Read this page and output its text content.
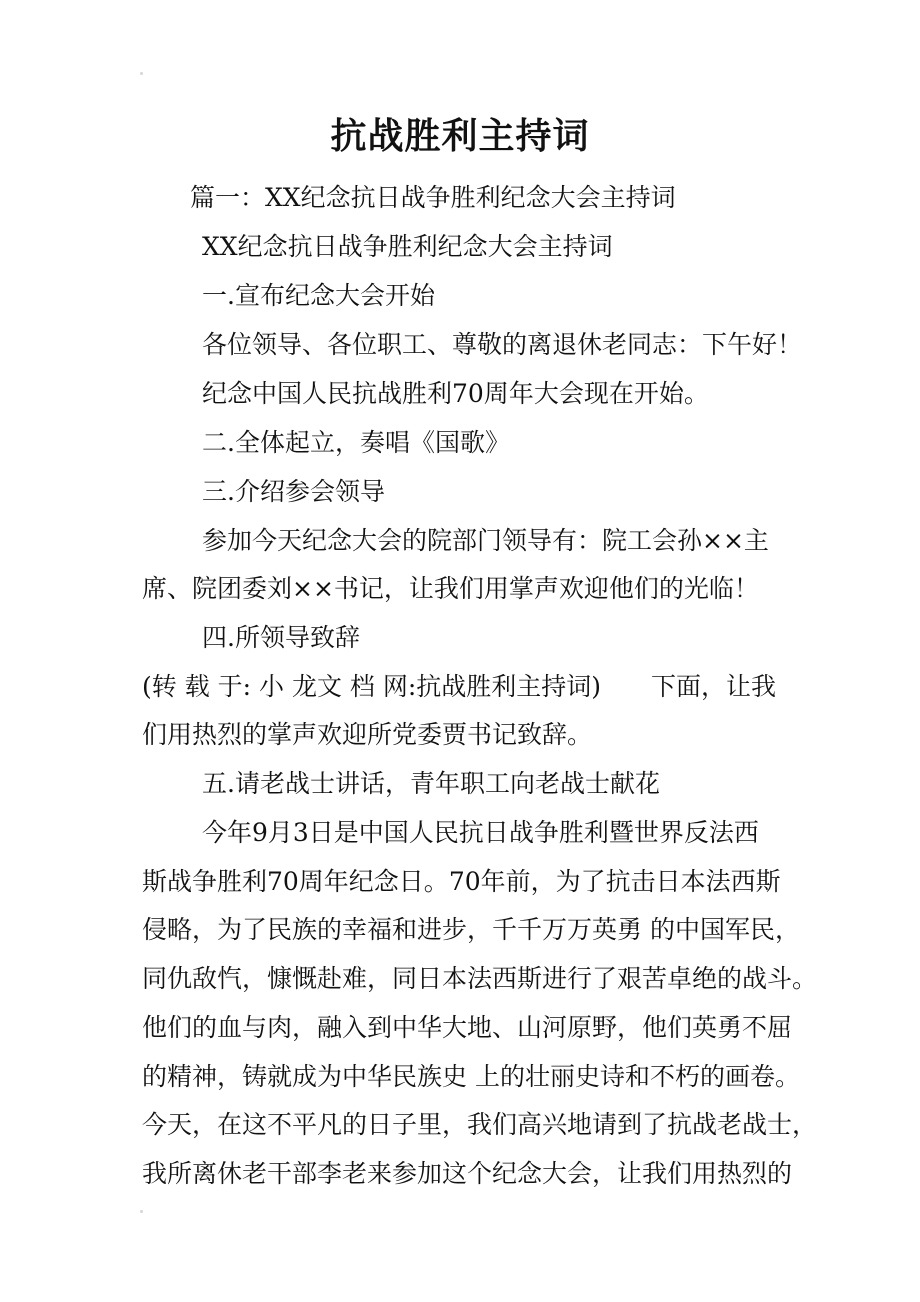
抗战胜利主持词
篇一：XX纪念抗日战争胜利纪念大会主持词
XX纪念抗日战争胜利纪念大会主持词
一.宣布纪念大会开始
各位领导、各位职工、尊敬的离退休老同志：下午好！
纪念中国人民抗战胜利70周年大会现在开始。
二.全体起立，奏唱《国歌》
三.介绍参会领导
参加今天纪念大会的院部门领导有：院工会孙××主
席、院团委刘××书记，让我们用掌声欢迎他们的光临！
四.所领导致辞
(转 载 于: 小 龙文 档 网:抗战胜利主持词)　　下面，让我
们用热烈的掌声欢迎所党委贾书记致辞。
五.请老战士讲话，青年职工向老战士献花
今年9月3日是中国人民抗日战争胜利暨世界反法西
斯战争胜利70周年纪念日。70年前，为了抗击日本法西斯
侵略，为了民族的幸福和进步，千千万万英勇 的中国军民，
同仇敌忾，慷慨赴难，同日本法西斯进行了艰苦卓绝的战斗。
他们的血与肉，融入到中华大地、山河原野，他们英勇不屈
的精神，铸就成为中华民族史 上的壮丽史诗和不朽的画卷。
今天，在这不平凡的日子里，我们高兴地请到了抗战老战士，
我所离休老干部李老来参加这个纪念大会，让我们用热烈的
